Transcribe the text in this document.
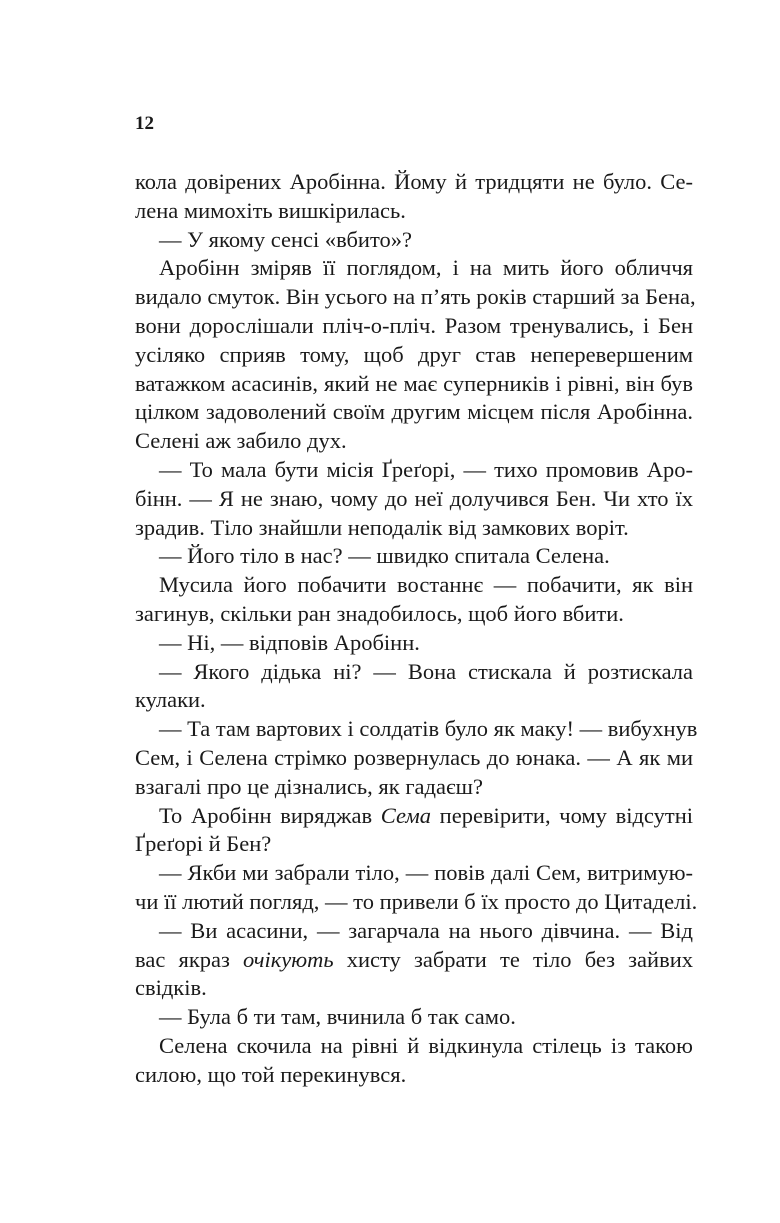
12
кола довірених Аробінна. Йому й тридцяти не було. Се-
лена мимохіть вишкірилась.
— У якому сенсі «вбито»?
Аробінн зміряв її поглядом, і на мить його обличчя
видало смуток. Він усього на п’ять років старший за Бена,
вони дорослішали пліч-о-пліч. Разом тренувались, і Бен
усіляко сприяв тому, щоб друг став неперевершеним
ватажком асасинів, який не має суперників і рівні, він був
цілком задоволений своїм другим місцем після Аробінна.
Селені аж забило дух.
— То мала бути місія Ґреґорі, — тихо промовив Аро-
бінн. — Я не знаю, чому до неї долучився Бен. Чи хто їх
зрадив. Тіло знайшли неподалік від замкових воріт.
— Його тіло в нас? — швидко спитала Селена.
Мусила його побачити востаннє — побачити, як він
загинув, скільки ран знадобилось, щоб його вбити.
— Ні, — відповів Аробінн.
— Якого дідька ні? — Вона стискала й розтискала
кулаки.
— Та там вартових і солдатів було як маку! — вибухнув
Сем, і Селена стрімко розвернулась до юнака. — А як ми
взагалі про це дізнались, як гадаєш?
То Аробінн виряджав Сема перевірити, чому відсутні
Ґреґорі й Бен?
— Якби ми забрали тіло, — повів далі Сем, витримую-
чи її лютий погляд, — то привели б їх просто до Цитаделі.
— Ви асасини, — загарчала на нього дівчина. — Від
вас якраз очікують хисту забрати те тіло без зайвих
свідків.
— Була б ти там, вчинила б так само.
Селена скочила на рівні й відкинула стілець із такою
силою, що той перекинувся.
